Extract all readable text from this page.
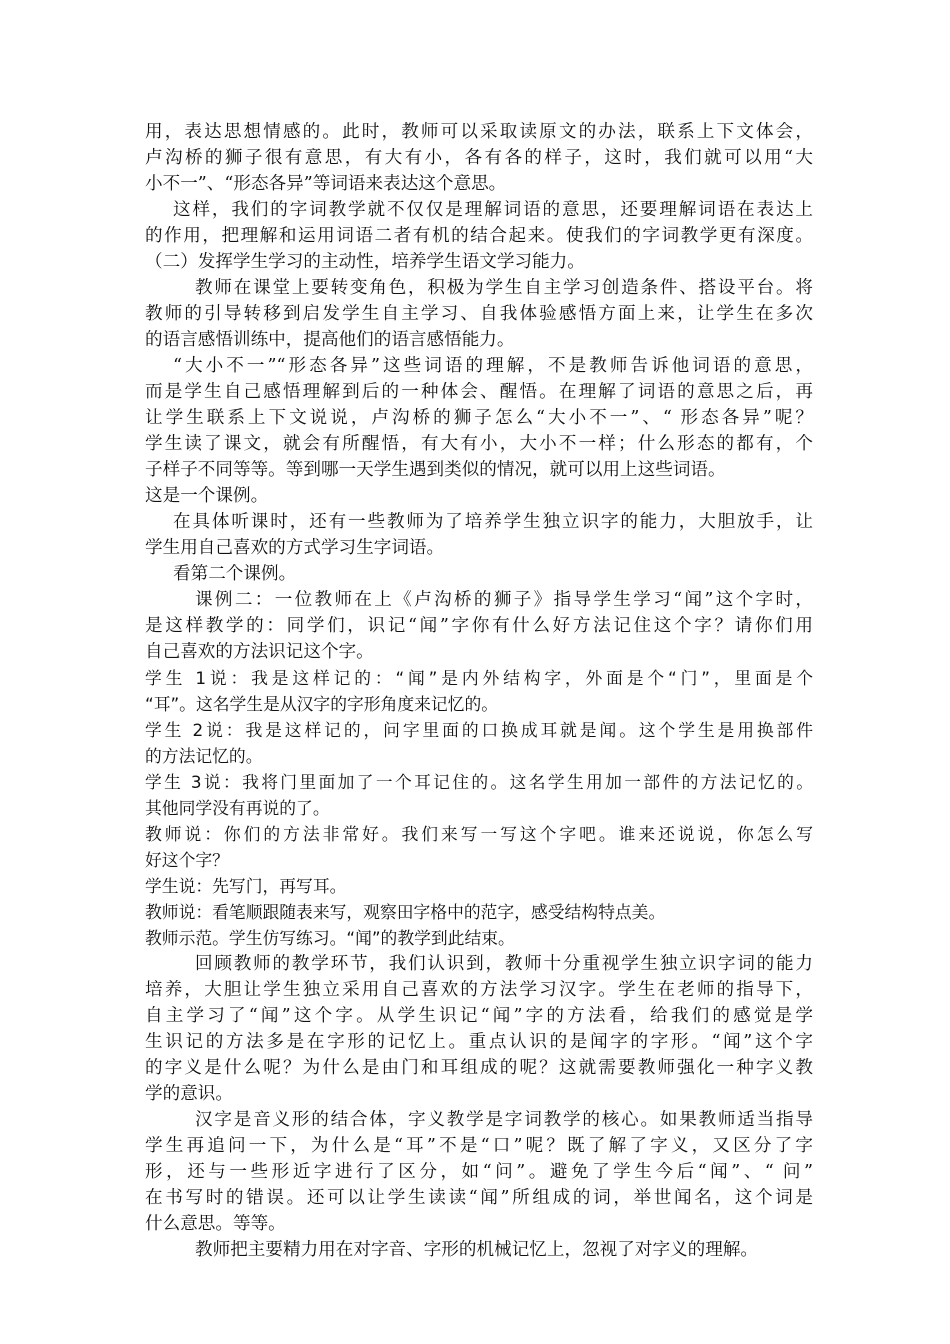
用，表达思想情感的。此时，教师可以采取读原文的办法，联系上下文体会，
卢沟桥的狮子很有意思，有大有小，各有各的样子，这时，我们就可以用“大
小不一”、“形态各异”等词语来表达这个意思。
这样，我们的字词教学就不仅仅是理解词语的意思，还要理解词语在表达上
的作用，把理解和运用词语二者有机的结合起来。使我们的字词教学更有深度。
（二）发挥学生学习的主动性，培养学生语文学习能力。
教师在课堂上要转变角色，积极为学生自主学习创造条件、搭设平台。将
教师的引导转移到启发学生自主学习、自我体验感悟方面上来，让学生在多次
的语言感悟训练中，提高他们的语言感悟能力。
“大小不一”“形态各异”这些词语的理解，不是教师告诉他词语的意思，
而是学生自己感悟理解到后的一种体会、醒悟。在理解了词语的意思之后，再
让学生联系上下文说说，卢沟桥的狮子怎么“大小不一”、“ 形态各异”呢？
学生读了课文，就会有所醒悟，有大有小，大小不一样；什么形态的都有，个
子样子不同等等。等到哪一天学生遇到类似的情况，就可以用上这些词语。
这是一个课例。
在具体听课时，还有一些教师为了培养学生独立识字的能力，大胆放手，让
学生用自己喜欢的方式学习生字词语。
看第二个课例。
课例二：一位教师在上《卢沟桥的狮子》指导学生学习“闻”这个字时，
是这样教学的：同学们，识记“闻”字你有什么好方法记住这个字？请你们用
自己喜欢的方法识记这个字。
学生 1说：我是这样记的：“闻”是内外结构字，外面是个“门”，里面是个
“耳”。这名学生是从汉字的字形角度来记忆的。
学生 2说：我是这样记的，问字里面的口换成耳就是闻。这个学生是用换部件
的方法记忆的。
学生 3说：我将门里面加了一个耳记住的。这名学生用加一部件的方法记忆的。
其他同学没有再说的了。
教师说：你们的方法非常好。我们来写一写这个字吧。谁来还说说，你怎么写
好这个字？
学生说：先写门，再写耳。
教师说：看笔顺跟随表来写，观察田字格中的范字，感受结构特点美。
教师示范。学生仿写练习。“闻”的教学到此结束。
回顾教师的教学环节，我们认识到，教师十分重视学生独立识字词的能力
培养，大胆让学生独立采用自己喜欢的方法学习汉字。学生在老师的指导下，
自主学习了“闻”这个字。从学生识记“闻”字的方法看，给我们的感觉是学
生识记的方法多是在字形的记忆上。重点认识的是闻字的字形。“闻”这个字
的字义是什么呢？为什么是由门和耳组成的呢？这就需要教师强化一种字义教
学的意识。
汉字是音义形的结合体，字义教学是字词教学的核心。如果教师适当指导
学生再追问一下，为什么是“耳”不是“口”呢？既了解了字义，又区分了字
形，还与一些形近字进行了区分，如“问”。避免了学生今后“闻”、“ 问”
在书写时的错误。还可以让学生读读“闻”所组成的词，举世闻名，这个词是
什么意思。等等。
教师把主要精力用在对字音、字形的机械记忆上，忽视了对字义的理解。
